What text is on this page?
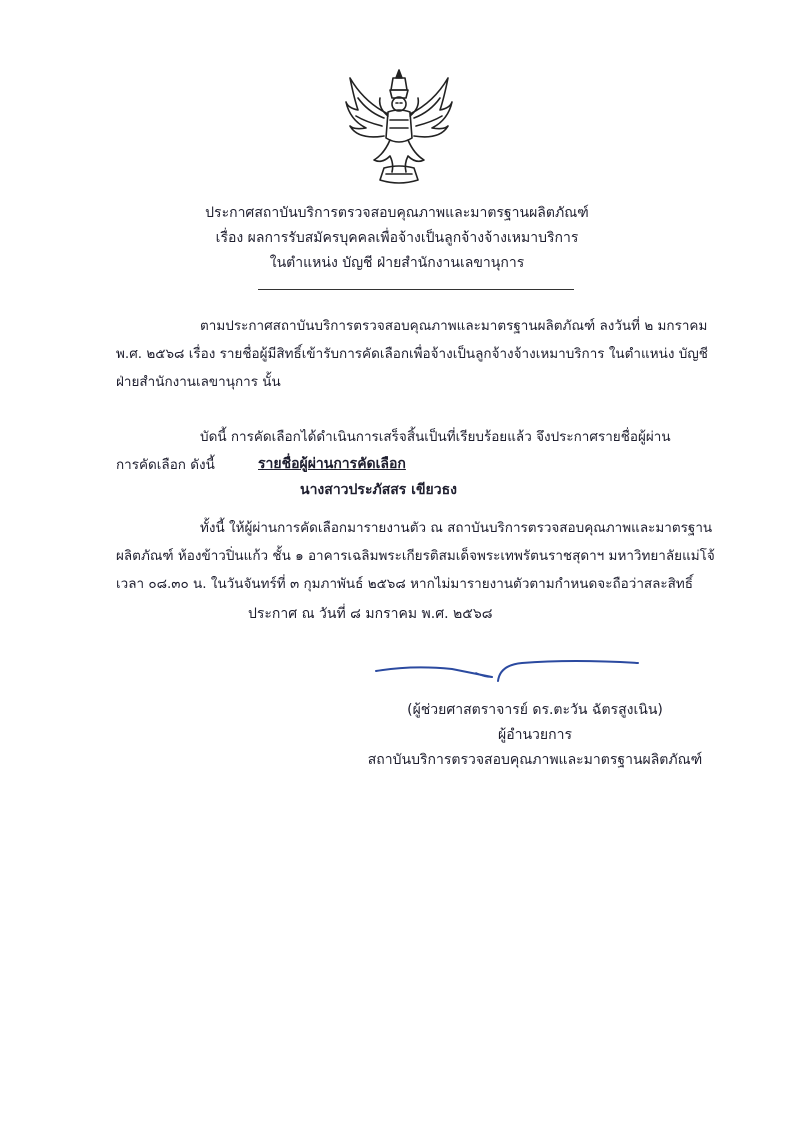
ประกาศสถาบันบริการตรวจสอบคุณภาพและมาตรฐานผลิตภัณฑ์
เรื่อง ผลการรับสมัครบุคคลเพื่อจ้างเป็นลูกจ้างจ้างเหมาบริการ
ในตำแหน่ง บัญชี ฝ่ายสำนักงานเลขานุการ
ตามประกาศสถาบันบริการตรวจสอบคุณภาพและมาตรฐานผลิตภัณฑ์ ลงวันที่ ๒ มกราคม
พ.ศ. ๒๕๖๘ เรื่อง รายชื่อผู้มีสิทธิ์เข้ารับการคัดเลือกเพื่อจ้างเป็นลูกจ้างจ้างเหมาบริการ ในตำแหน่ง บัญชี
ฝ่ายสำนักงานเลขานุการ นั้น
บัดนี้ การคัดเลือกได้ดำเนินการเสร็จสิ้นเป็นที่เรียบร้อยแล้ว จึงประกาศรายชื่อผู้ผ่าน
การคัดเลือก ดังนี้	รายชื่อผู้ผ่านการคัดเลือก
นางสาวประภัสสร เขียวธง
ทั้งนี้ ให้ผู้ผ่านการคัดเลือกมารายงานตัว ณ สถาบันบริการตรวจสอบคุณภาพและมาตรฐาน
ผลิตภัณฑ์ ห้องข้าวปิ่นแก้ว ชั้น ๑ อาคารเฉลิมพระเกียรติสมเด็จพระเทพรัตนราชสุดาฯ มหาวิทยาลัยแม่โจ้
เวลา ๐๘.๓๐ น. ในวันจันทร์ที่ ๓ กุมภาพันธ์ ๒๕๖๘ หากไม่มารายงานตัวตามกำหนดจะถือว่าสละสิทธิ์
ประกาศ ณ วันที่ ๘ มกราคม พ.ศ. ๒๕๖๘
(ผู้ช่วยศาสตราจารย์ ดร.ตะวัน ฉัตรสูงเนิน)
ผู้อำนวยการ
สถาบันบริการตรวจสอบคุณภาพและมาตรฐานผลิตภัณฑ์
